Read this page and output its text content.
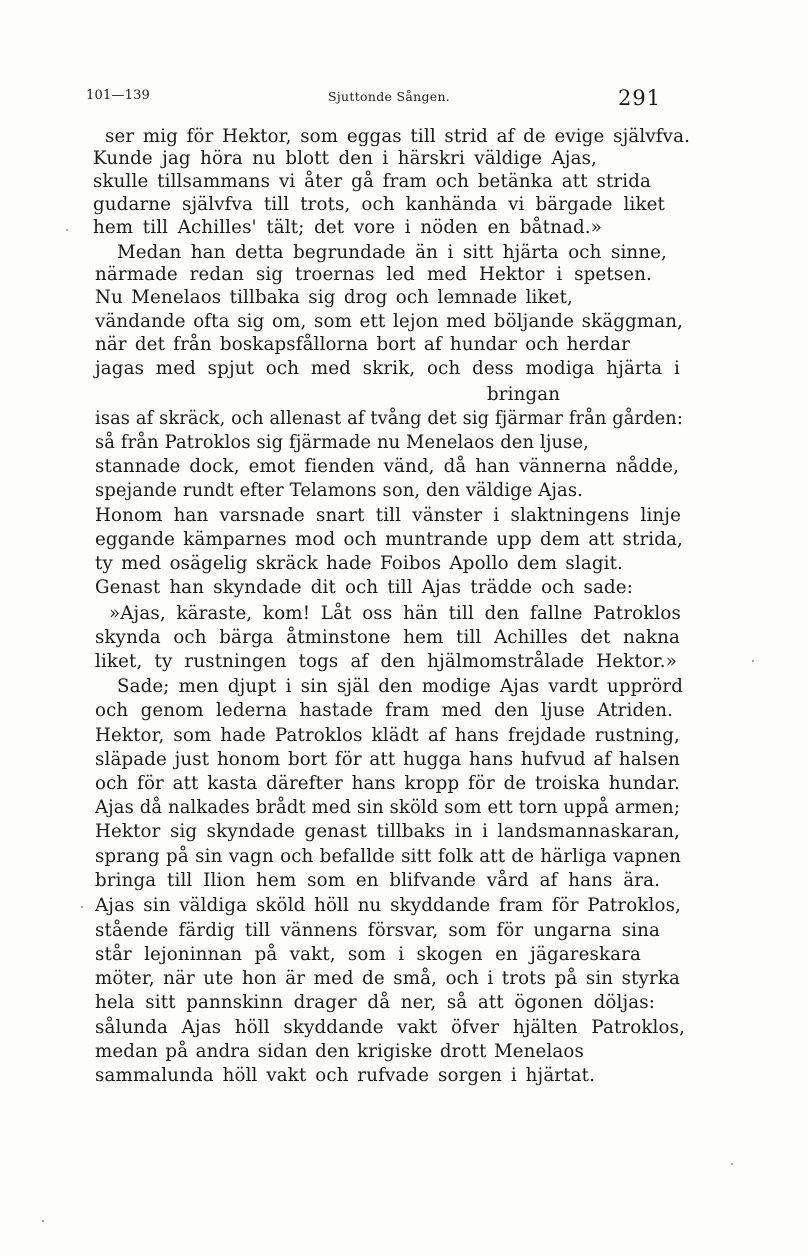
101—139	Sjuttonde Sången.	291
ser mig för Hektor, som eggas till strid af de evige självfva.
Kunde jag höra nu blott den i härskri väldige Ajas,
skulle tillsammans vi åter gå fram och betänka att strida
gudarne självfva till trots, och kanhända vi bärgade liket
hem till Achilles' tält; det vore i nöden en båtnad.»
Medan han detta begrundade än i sitt hjärta och sinne,
närmade redan sig troernas led med Hektor i spetsen.
Nu Menelaos tillbaka sig drog och lemnade liket,
vändande ofta sig om, som ett lejon med böljande skäggman,
när det från boskapsfållorna bort af hundar och herdar
jagas med spjut och med skrik, och dess modiga hjärta i
bringan
isas af skräck, och allenast af tvång det sig fjärmar från gården:
så från Patroklos sig fjärmade nu Menelaos den ljuse,
stannade dock, emot fienden vänd, då han vännerna nådde,
spejande rundt efter Telamons son, den väldige Ajas.
Honom han varsnade snart till vänster i slaktningens linje
eggande kämparnes mod och muntrande upp dem att strida,
ty med osägelig skräck hade Foibos Apollo dem slagit.
Genast han skyndade dit och till Ajas trädde och sade:
»Ajas, käraste, kom! Låt oss hän till den fallne Patroklos
skynda och bärga åtminstone hem till Achilles det nakna
liket, ty rustningen togs af den hjälmomstrålade Hektor.»
Sade; men djupt i sin själ den modige Ajas vardt upprörd
och genom lederna hastade fram med den ljuse Atriden.
Hektor, som hade Patroklos klädt af hans frejdade rustning,
släpade just honom bort för att hugga hans hufvud af halsen
och för att kasta därefter hans kropp för de troiska hundar.
Ajas då nalkades brådt med sin sköld som ett torn uppå armen;
Hektor sig skyndade genast tillbaks in i landsmannaskaran,
sprang på sin vagn och befallde sitt folk att de härliga vapnen
bringa till Ilion hem som en blifvande vård af hans ära.
Ajas sin väldiga sköld höll nu skyddande fram för Patroklos,
stående färdig till vännens försvar, som för ungarna sina
står lejoninnan på vakt, som i skogen en jägareskara
möter, när ute hon är med de små, och i trots på sin styrka
hela sitt pannskinn drager då ner, så att ögonen döljas:
sålunda Ajas höll skyddande vakt öfver hjälten Patroklos,
medan på andra sidan den krigiske drott Menelaos
sammalunda höll vakt och rufvade sorgen i hjärtat.
